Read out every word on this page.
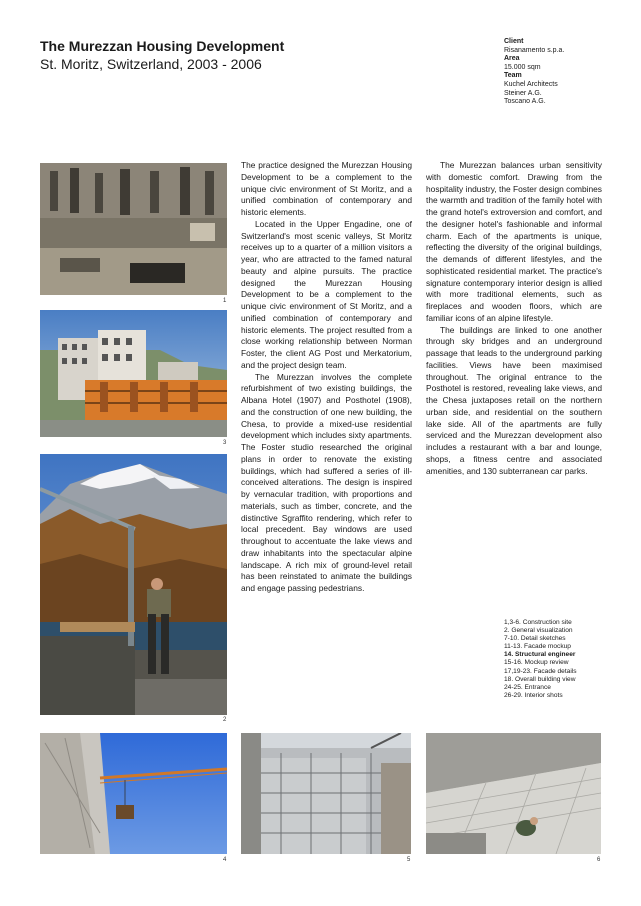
The Murezzan Housing Development
St. Moritz, Switzerland, 2003 - 2006
Client
Risanamento s.p.a.
Area
15.000 sqm
Team
Kuchel Architects
Steiner A.G.
Toscano A.G.
1
3
2
4	5	6

The practice designed the Murezzan Housing Development to be a complement to the unique civic environment of St Moritz, and a unified combination of contemporary and historic elements.

Located in the Upper Engadine, one of Switzerland's most scenic valleys, St Moritz receives up to a quarter of a million visitors a year, who are attracted to the famed natural beauty and alpine pursuits. The practice designed the Murezzan Housing Development to be a complement to the unique civic environment of St Moritz, and a unified combination of contemporary and historic elements. The project resulted from a close working relationship between Norman Foster, the client AG Post und Merkatorium, and the project design team.

The Murezzan involves the complete refurbishment of two existing buildings, the Albana Hotel (1907) and Posthotel (1908), and the construction of one new building, the Chesa, to provide a mixed-use residential development which includes sixty apartments. The Foster studio researched the original plans in order to renovate the existing buildings, which had suffered a series of ill-conceived alterations. The design is inspired by vernacular tradition, with proportions and materials, such as timber, concrete, and the distinctive Sgraffito rendering, which refer to local precedent. Bay windows are used throughout to accentuate the lake views and draw inhabitants into the spectacular alpine landscape. A rich mix of ground-level retail has been reinstated to animate the buildings and engage passing pedestrians.

The Murezzan balances urban sensitivity with domestic comfort. Drawing from the hospitality industry, the Foster design combines the warmth and tradition of the family hotel with the grand hotel's extroversion and comfort, and the designer hotel's fashionable and informal charm. Each of the apartments is unique, reflecting the diversity of the original buildings, the demands of different lifestyles, and the sophisticated residential market. The practice's signature contemporary interior design is allied with more traditional elements, such as fireplaces and wooden floors, which are familiar icons of an alpine lifestyle.

The buildings are linked to one another through sky bridges and an underground passage that leads to the underground parking facilities. Views have been maximised throughout. The original entrance to the Posthotel is restored, revealing lake views, and the Chesa juxtaposes retail on the northern urban side, and residential on the southern lake side. All of the apartments are fully serviced and the Murezzan development also includes a restaurant with a bar and lounge, shops, a fitness centre and associated amenities, and 130 subterranean car parks.

1,3-6. Construction site
2. General visualization
7-10. Detail sketches
11-13. Facade mockup
14. Structural engineer
15-16. Mockup review
17,19-23. Facade details
18. Overall building view
24-25. Entrance
26-29. Interior shots
